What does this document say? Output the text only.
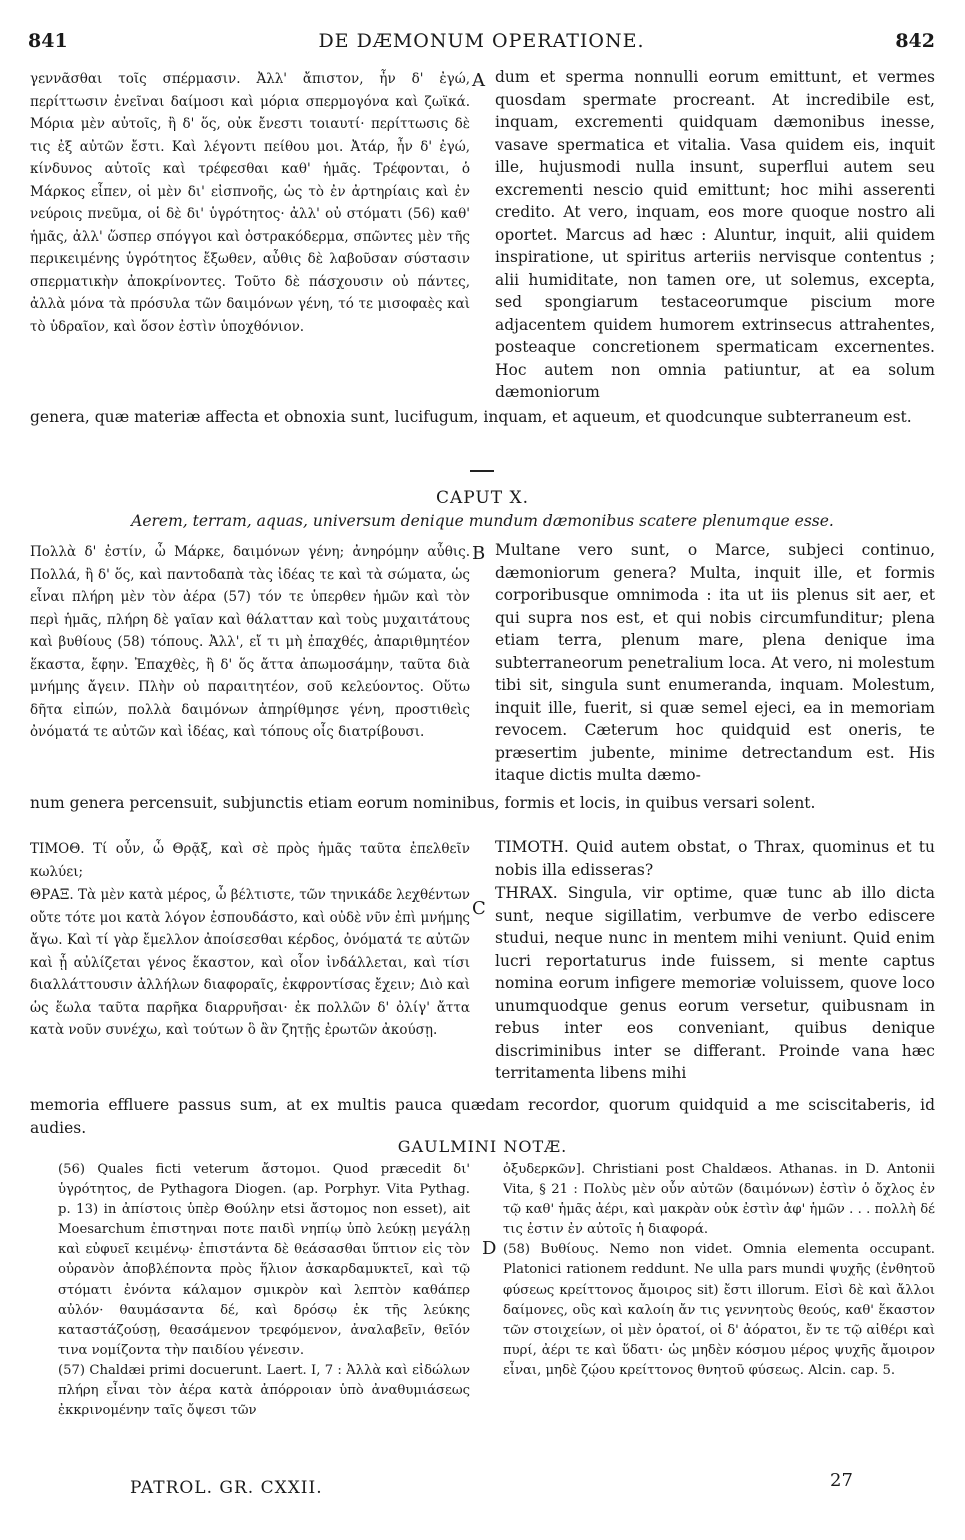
841	DE DÆMONUM OPERATIONE.	842

γεννᾶσθαι τοῖς σπέρμασιν. Ἀλλ' ἄπιστον, ἦν δ' ἐγώ, περίττωσιν ἐνεῖναι δαίμοσι καὶ μόρια σπερμογόνα καὶ ζωϊκά. Μόρια μὲν αὐτοῖς, ἢ δ' ὅς, οὐκ ἔνεστι τοιαυτί· περίττωσις δὲ τις ἐξ αὐτῶν ἔστι. Καὶ λέγοντι πείθου μοι. Ἀτάρ, ἦν δ' ἐγώ, κίνδυνος αὐτοῖς καὶ τρέφεσθαι καθ' ἡμᾶς. Τρέφονται, ὁ Μάρκος εἶπεν, οἱ μὲν δι' εἰσπνοῆς, ὡς τὸ ἐν ἀρτηρίαις καὶ ἐν νεύροις πνεῦμα, οἱ δὲ δι' ὑγρότητος· ἀλλ' οὐ στόματι (56) καθ' ἡμᾶς, ἀλλ' ὥσπερ σπόγγοι καὶ ὀστρακόδερμα, σπῶντες μὲν τῆς περικειμένης ὑγρότητος ἔξωθεν, αὖθις δὲ λαβοῦσαν σύστασιν σπερματικὴν ἀποκρίνοντες. Τοῦτο δὲ πάσχουσιν οὐ πάντες, ἀλλὰ μόνα τὰ πρόσυλα τῶν δαιμόνων γένη, τό τε μισοφαὲς καὶ τὸ ὑδραῖον, καὶ ὅσον ἐστὶν ὑποχθόνιον.

A dum et sperma nonnulli eorum emittunt, et vermes quosdam spermate procreant. At incredibile est, inquam, excrementi quidquam dæmonibus inesse, vasave spermatica et vitalia. Vasa quidem eis, inquit ille, hujusmodi nulla insunt, superflui autem seu excrementi nescio quid emittunt; hoc mihi asserenti credito. At vero, inquam, eos more quoque nostro ali oportet. Marcus ad hæc : Aluntur, inquit, alii quidem inspiratione, ut spiritus arteriis nervisque contentus ; alii humiditate, non tamen ore, ut solemus, excepta, sed spongiarum testaceorumque piscium more adjacentem quidem humorem extrinsecus attrahentes, posteaque concretionem spermaticam excernentes. Hoc autem non omnia patiuntur, at ea solum dæmoniorum

genera, quæ materiæ affecta et obnoxia sunt, lucifugum, inquam, et aqueum, et quodcunque subterraneum est.

CAPUT X.
Aerem, terram, aquas, universum denique mundum dæmonibus scatere plenumque esse.

Πολλὰ δ' ἐστίν, ὦ Μάρκε, δαιμόνων γένη; ἀνηρόμην αὖθις. Πολλά, ἢ δ' ὅς, καὶ παντοδαπὰ τὰς ἰδέας τε καὶ τὰ σώματα, ὡς εἶναι πλήρη μὲν τὸν ἀέρα (57) τόν τε ὑπερθεν ἡμῶν καὶ τὸν περὶ ἡμᾶς, πλήρη δὲ γαῖαν καὶ θάλατταν καὶ τοὺς μυχαιτάτους καὶ βυθίους (58) τόπους. Ἀλλ', εἴ τι μὴ ἐπαχθές, ἀπαριθμητέον ἕκαστα, ἔφην. Ἐπαχθὲς, ἢ δ' ὅς ἄττα ἀπωμοσάμην, ταῦτα διὰ μνήμης ἄγειν. Πλὴν οὐ παραιτητέον, σοῦ κελεύοντος. Οὕτω δῆτα εἰπών, πολλὰ δαιμόνων ἀπηρίθμησε γένη, προστιθεὶς ὀνόματά τε αὐτῶν καὶ ἰδέας, καὶ τόπους οἷς διατρίβουσι.

B Multane vero sunt, o Marce, subjeci continuo, dæmoniorum genera? Multa, inquit ille, et formis corporibusque omnimoda : ita ut iis plenus sit aer, et qui supra nos est, et qui nobis circumfunditur; plena etiam terra, plenum mare, plena denique ima subterraneorum penetralium loca. At vero, ni molestum tibi sit, singula sunt enumeranda, inquam. Molestum, inquit ille, fuerit, si quæ semel ejeci, ea in memoriam revocem. Cæterum hoc quidquid est oneris, te præsertim jubente, minime detrectandum est. His itaque dictis multa dæmo-

num genera percensuit, subjunctis etiam eorum nominibus, formis et locis, in quibus versari solent.

ΤΙΜΟΘ. Τί οὖν, ὦ Θρᾷξ, καὶ σὲ πρὸς ἡμᾶς ταῦτα ἐπελθεῖν κωλύει;

TIMOTH. Quid autem obstat, o Thrax, quominus et tu nobis illa edisseras?

ΘΡΑΞ. Τὰ μὲν κατὰ μέρος, ὦ βέλτιστε, τῶν τηνικάδε λεχθέντων οὔτε τότε μοι κατὰ λόγον ἐσπουδάστο, καὶ οὐδὲ νῦν ἐπὶ μνήμης ἄγω. Καὶ τί γὰρ ἔμελλον ἀποίσεσθαι κέρδος, ὀνόματά τε αὐτῶν καὶ ᾗ αὐλίζεται γένος ἕκαστον, καὶ οἷον ἰνδάλλεται, καὶ τίσι διαλλάττουσιν ἀλλήλων διαφοραῖς, ἐκφροντίσας ἔχειν; Διὸ καὶ ὡς ἕωλα ταῦτα παρῆκα διαρρυῆσαι· ἐκ πολλῶν δ' ὀλίγ' ἄττα κατὰ νοῦν συνέχω, καὶ τούτων ὃ ἂν ζητῇς ἐρωτῶν ἀκούσῃ.

C

THRAX. Singula, vir optime, quæ tunc ab illo dicta sunt, neque sigillatim, verbumve de verbo ediscere studui, neque nunc in mentem mihi veniunt. Quid enim lucri reportaturus inde fuissem, si mente captus nomina eorum infigere memoriæ voluissem, quove loco unumquodque genus eorum versetur, quibusnam in rebus inter eos conveniant, quibus denique discriminibus inter se differant. Proinde vana hæc territamenta libens mihi

memoria effluere passus sum, at ex multis pauca quædam recordor, quorum quidquid a me sciscitaberis, id audies.

GAULMINI NOTÆ.

(56) Quales ficti veterum ἄστομοι. Quod præcedit δι' ὑγρότητος, de Pythagora Diogen. (ap. Porphyr. Vita Pythag. p. 13) in ἀπίστοις ὑπὲρ Θούλην etsi ἄστομος non esset), ait Moesarchum ἐπιστηναι ποτε παιδὶ νηπίῳ ὑπὸ λεύκῃ μεγάλῃ καὶ εὐφυεῖ κειμένῳ· ἐπιστάντα δὲ θεάσασθαι ὕπτιον εἰς τὸν οὐρανὸν ἀποβλέποντα πρὸς ἥλιον ἀσκαρδαμυκτεῖ, καὶ τῷ στόματι ἐνόντα κάλαμον σμικρὸν καὶ λεπτὸν καθάπερ αὐλόν· θαυμάσαντα δέ, καὶ δρόσῳ ἐκ τῆς λεύκης καταστάζούσῃ, θεασάμενον τρεφόμενον, ἀναλαβεῖν, θεῖόν τινα νομίζοντα τὴν παιδίου γένεσιν.

(57) Chaldæi primi docuerunt. Laert. I, 7 : Ἀλλὰ καὶ εἰδώλων πλήρη εἶναι τὸν ἀέρα κατὰ ἀπόρροιαν ὑπὸ ἀναθυμιάσεως ἐκκρινομένην ταῖς ὄψεσι τῶν

D

ὀξυδερκῶν]. Christiani post Chaldæos. Athanas. in D. Antonii Vita, § 21 : Πολὺς μὲν οὖν αὐτῶν (δαιμόνων) ἐστὶν ὁ ὄχλος ἐν τῷ καθ' ἡμᾶς ἀέρι, καὶ μακρὰν οὐκ ἐστὶν ἀφ' ἡμῶν . . . πολλὴ δέ τις ἐστιν ἐν αὐτοῖς ἡ διαφορά.

(58) Βυθίους. Nemo non videt. Omnia elementa occupant. Platonici rationem reddunt. Ne ulla pars mundi ψυχῆς (ἐνθητοῦ φύσεως κρείττονος ἄμοιρος sit) ἔστι illorum. Εἰσὶ δὲ καὶ ἄλλοι δαίμονες, οὓς καὶ καλοίη ἄν τις γεννητοὺς θεούς, καθ' ἕκαστον τῶν στοιχείων, οἱ μὲν ὁρατοί, οἱ δ' ἀόρατοι, ἔν τε τῷ αἰθέρι καὶ πυρί, ἀέρι τε καὶ ὕδατι· ὡς μηδὲν κόσμου μέρος ψυχῆς ἄμοιρον εἶναι, μηδὲ ζῴου κρείττονος θνητοῦ φύσεως. Alcin. cap. 5.

PATROL. GR. CXXII.	27
